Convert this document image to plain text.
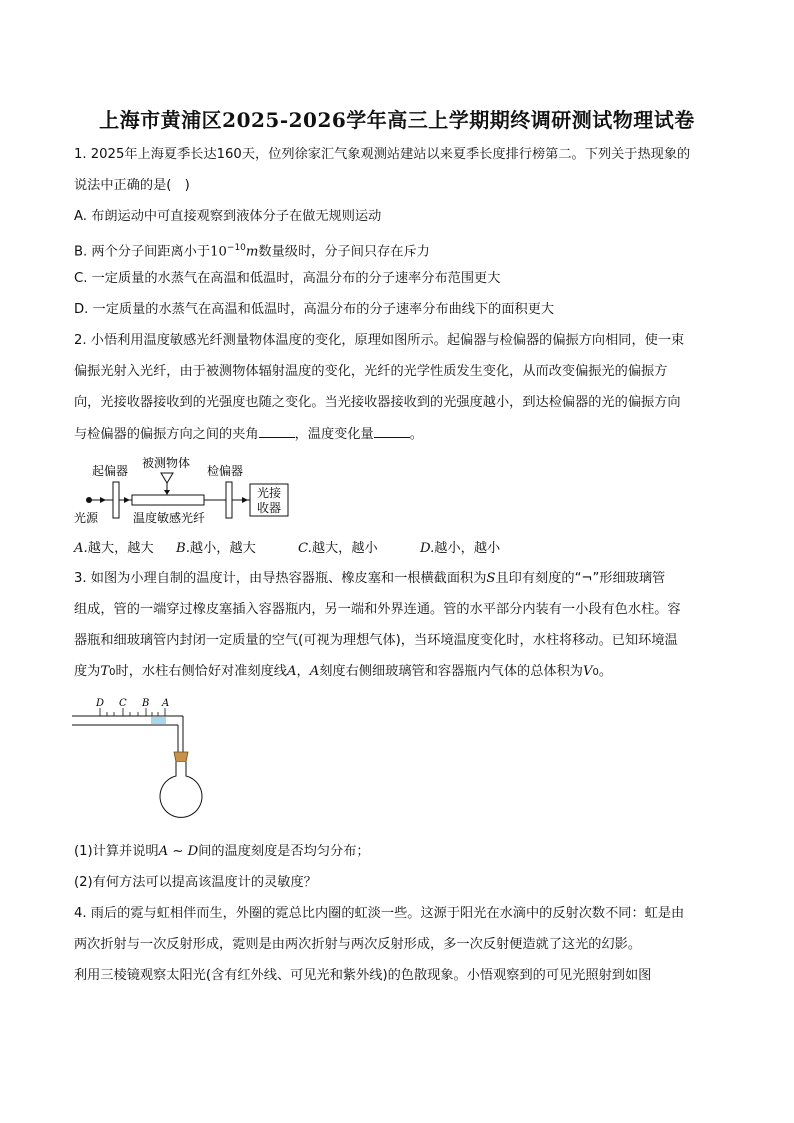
上海市黄浦区2025-2026学年高三上学期期终调研测试物理试卷
1. 2025年上海夏季长达160天，位列徐家汇气象观测站建站以来夏季长度排行榜第二。下列关于热现象的
说法中正确的是(　)
A. 布朗运动中可直接观察到液体分子在做无规则运动
B. 两个分子间距离小于$10^{-10}m$数量级时，分子间只存在斥力
C. 一定质量的水蒸气在高温和低温时，高温分布的分子速率分布范围更大
D. 一定质量的水蒸气在高温和低温时，高温分布的分子速率分布曲线下的面积更大
2. 小悟利用温度敏感光纤测量物体温度的变化，原理如图所示。起偏器与检偏器的偏振方向相同，使一束
偏振光射入光纤，由于被测物体辐射温度的变化，光纤的光学性质发生变化，从而改变偏振光的偏振方
向，光接收器接收到的光强度也随之变化。当光接收器接收到的光强度越小，到达检偏器的光的偏振方向
与检偏器的偏振方向之间的夹角	，温度变化量	。
起偏器
被测物体
检偏器
光接
收器
光源	温度敏感光纤
A.越大，越大 B.越小，越大	C.越大，越小	D.越小，越小
3. 如图为小理自制的温度计，由导热容器瓶、橡皮塞和一根横截面积为S且印有刻度的“¬”形细玻璃管
组成，管的一端穿过橡皮塞插入容器瓶内，另一端和外界连通。管的水平部分内装有一小段有色水柱。容
器瓶和细玻璃管内封闭一定质量的空气(可视为理想气体)，当环境温度变化时，水柱将移动。已知环境温
度为T0时，水柱右侧恰好对准刻度线A，A刻度右侧细玻璃管和容器瓶内气体的总体积为V0。
D C B A
(1)计算并说明A ~ D间的温度刻度是否均匀分布；
(2)有何方法可以提高该温度计的灵敏度？
4. 雨后的霓与虹相伴而生，外圈的霓总比内圈的虹淡一些。这源于阳光在水滴中的反射次数不同：虹是由
两次折射与一次反射形成，霓则是由两次折射与两次反射形成，多一次反射便造就了这光的幻影。
利用三棱镜观察太阳光(含有红外线、可见光和紫外线)的色散现象。小悟观察到的可见光照射到如图
